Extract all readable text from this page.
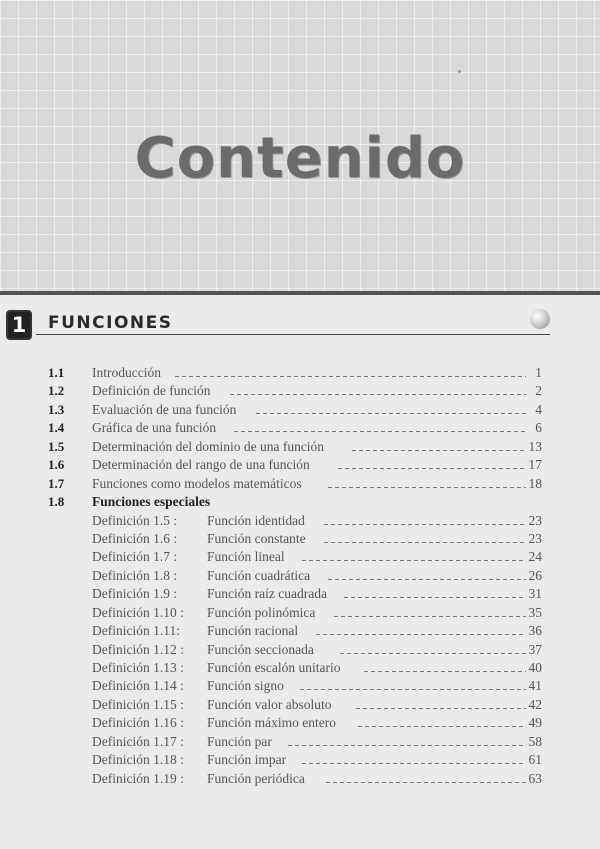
Contenido
1	FUNCIONES
1.1 Introducción	1
1.2 Definición de función	2
1.3 Evaluación de una función	4
1.4 Gráfica de una función	6
1.5 Determinación del dominio de una función	13
1.6 Determinación del rango de una función	17
1.7 Funciones como modelos matemáticos	18
1.8 Funciones especiales
Definición 1.5 : Función identidad	23
Definición 1.6 : Función constante	23
Definición 1.7 : Función lineal	24
Definición 1.8 : Función cuadrática	26
Definición 1.9 : Función raíz cuadrada	31
Definición 1.10 : Función polinómica	35
Definición 1.11: Función racional	36
Definición 1.12 : Función seccionada	37
Definición 1.13 : Función escalón unitario	40
Definición 1.14 : Función signo	41
Definición 1.15 : Función valor absoluto	42
Definición 1.16 : Función máximo entero	49
Definición 1.17 : Función par	58
Definición 1.18 : Función impar	61
Definición 1.19 : Función periódica	63
